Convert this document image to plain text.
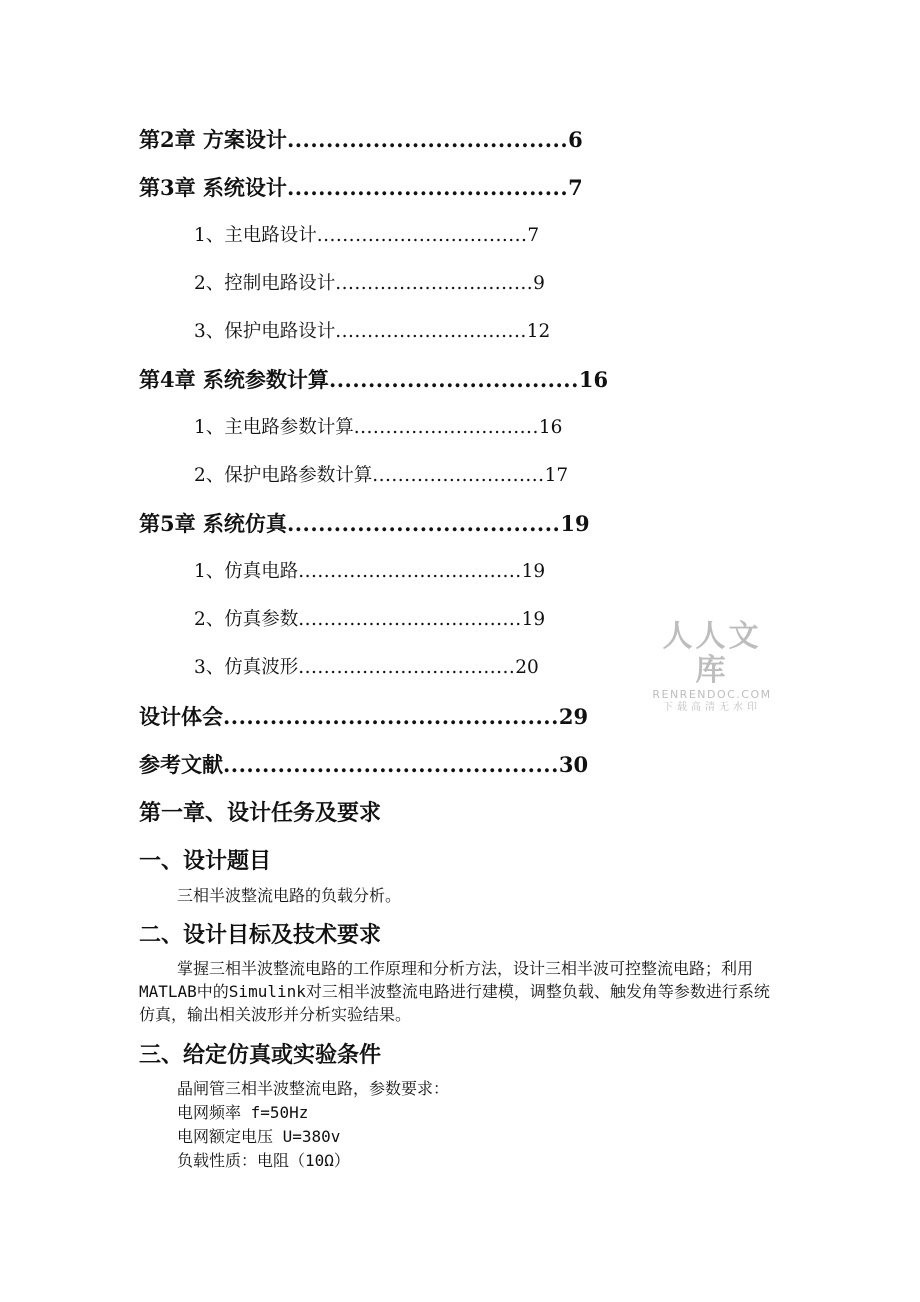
第2章 方案设计....................................6
第3章 系统设计....................................7
1、主电路设计.................................7
2、控制电路设计...............................9
3、保护电路设计..............................12
第4章 系统参数计算................................16
1、主电路参数计算.............................16
2、保护电路参数计算...........................17
第5章 系统仿真...................................19
1、仿真电路...................................19
2、仿真参数...................................19
3、仿真波形..................................20
设计体会...........................................29
参考文献...........................................30
人人文库
RENRENDOC.COM
下载高清无水印
第一章、设计任务及要求
一、设计题目

三相半波整流电路的负载分析。

二、设计目标及技术要求

掌握三相半波整流电路的工作原理和分析方法，设计三相半波可控整流电路；利用MATLAB中的Simulink对三相半波整流电路进行建模，调整负载、触发角等参数进行系统仿真，输出相关波形并分析实验结果。

三、给定仿真或实验条件
晶闸管三相半波整流电路，参数要求：
电网频率 f=50Hz
电网额定电压 U=380v
负载性质：电阻（10Ω）
